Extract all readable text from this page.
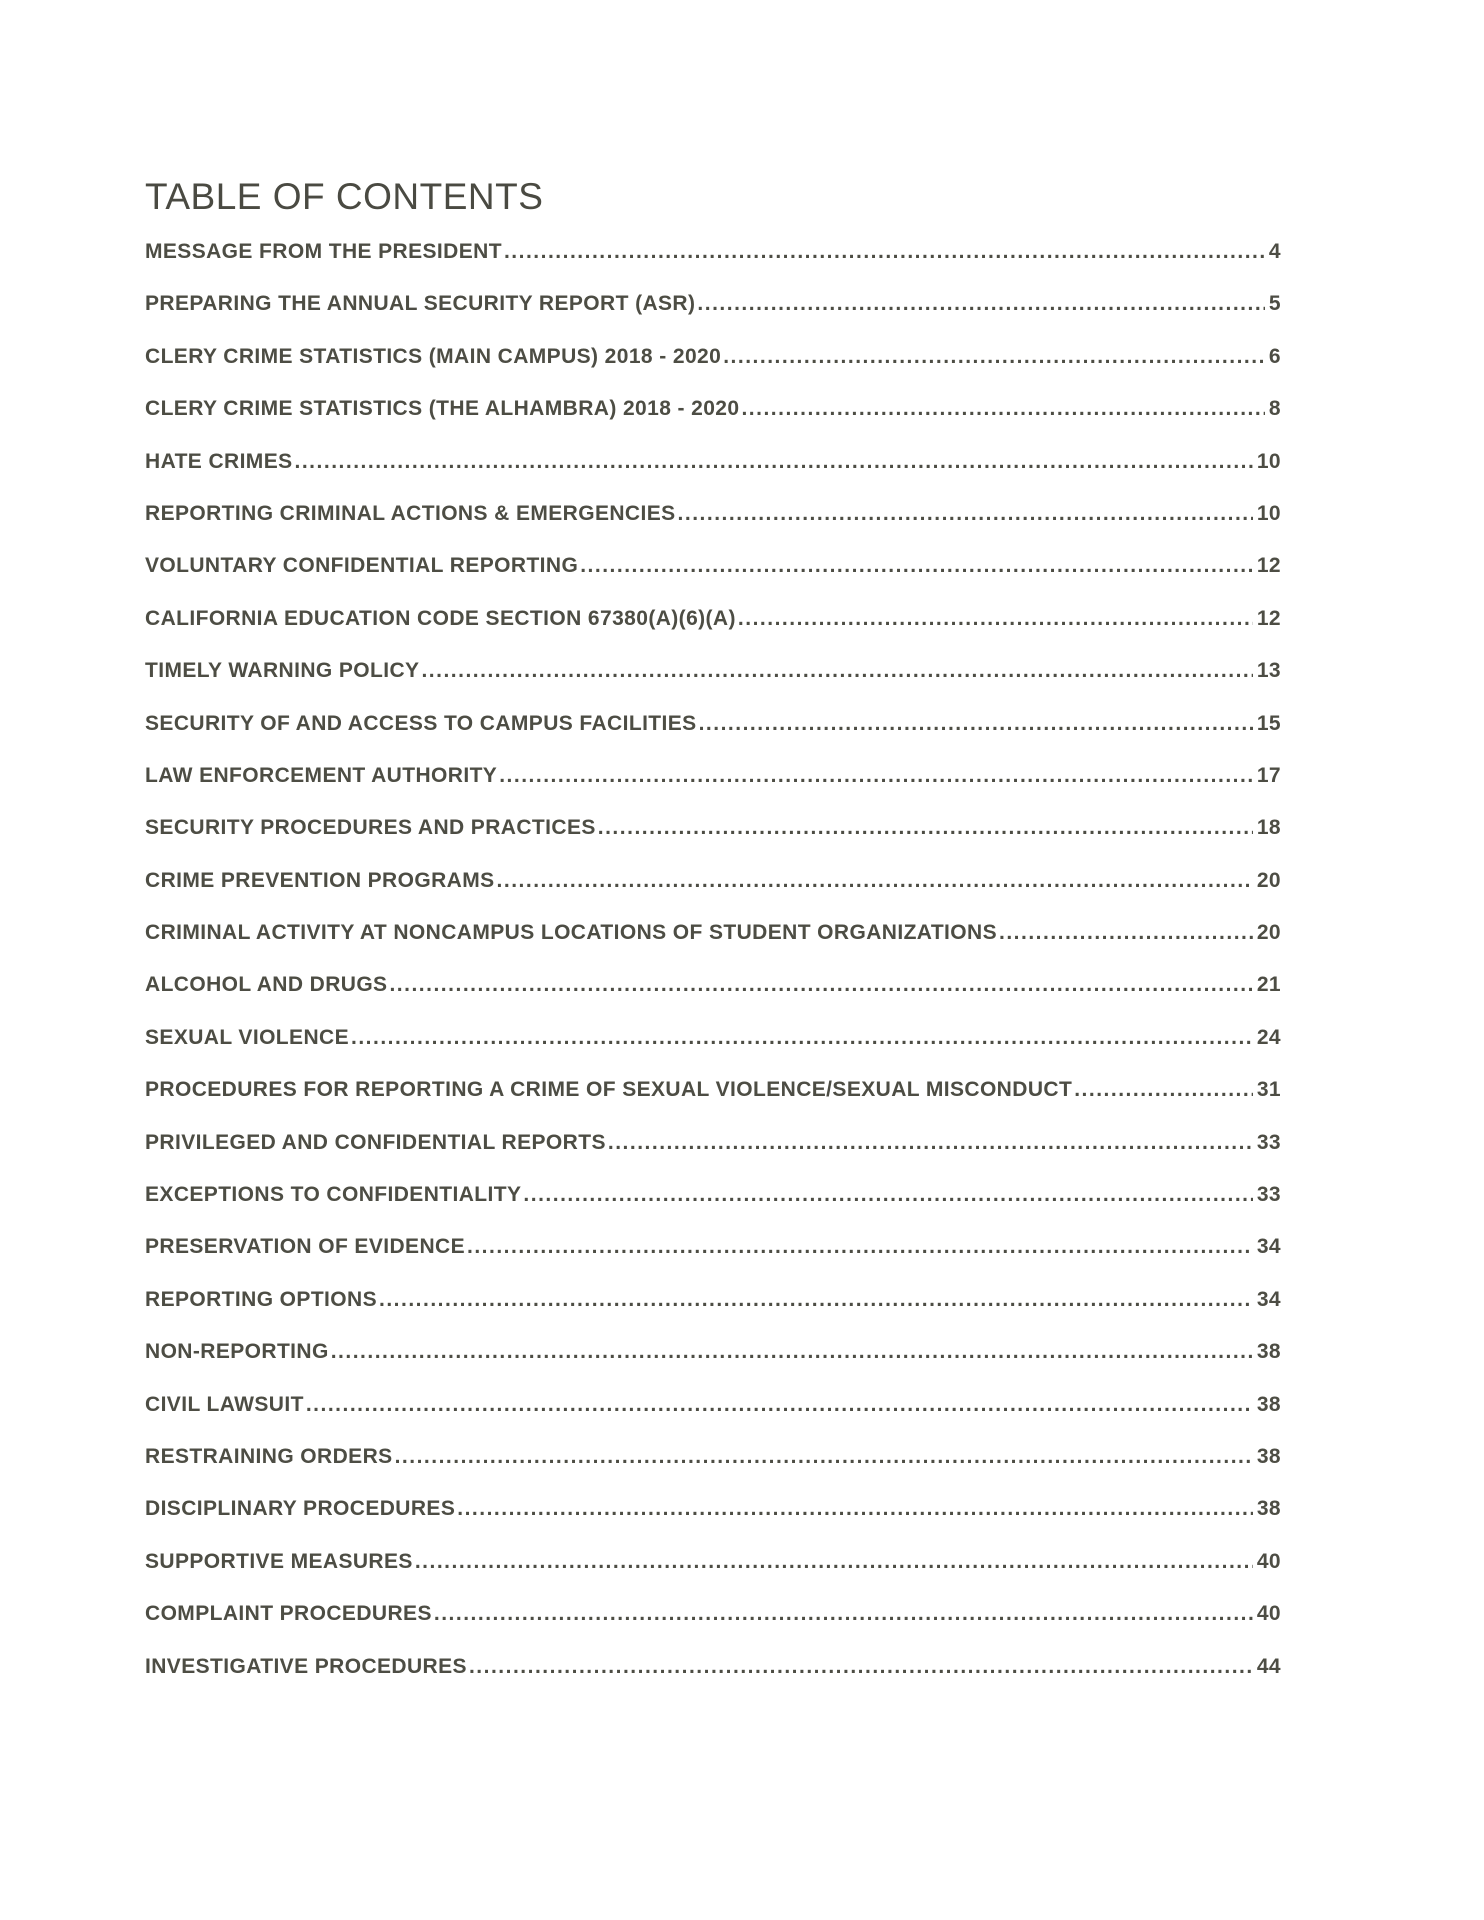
TABLE OF CONTENTS
MESSAGE FROM THE PRESIDENT .....	4
PREPARING THE ANNUAL SECURITY REPORT (ASR) .....	5
CLERY CRIME STATISTICS (MAIN CAMPUS) 2018 - 2020 .....	6
CLERY CRIME STATISTICS (THE ALHAMBRA) 2018 - 2020 .....	8
HATE CRIMES .....	10
REPORTING CRIMINAL ACTIONS & EMERGENCIES .....	10
VOLUNTARY CONFIDENTIAL REPORTING .....	12
CALIFORNIA EDUCATION CODE SECTION 67380(A)(6)(A) .....	12
TIMELY WARNING POLICY .....	13
SECURITY OF AND ACCESS TO CAMPUS FACILITIES .....	15
LAW ENFORCEMENT AUTHORITY .....	17
SECURITY PROCEDURES AND PRACTICES .....	18
CRIME PREVENTION PROGRAMS .....	20
CRIMINAL ACTIVITY AT NONCAMPUS LOCATIONS OF STUDENT ORGANIZATIONS .....	20
ALCOHOL AND DRUGS .....	21
SEXUAL VIOLENCE .....	24
PROCEDURES FOR REPORTING A CRIME OF SEXUAL VIOLENCE/SEXUAL MISCONDUCT .....	31
PRIVILEGED AND CONFIDENTIAL REPORTS .....	33
EXCEPTIONS TO CONFIDENTIALITY .....	33
PRESERVATION OF EVIDENCE .....	34
REPORTING OPTIONS .....	34
NON-REPORTING .....	38
CIVIL LAWSUIT .....	38
RESTRAINING ORDERS .....	38
DISCIPLINARY PROCEDURES .....	38
SUPPORTIVE MEASURES .....	40
COMPLAINT PROCEDURES .....	40
INVESTIGATIVE PROCEDURES .....	44
